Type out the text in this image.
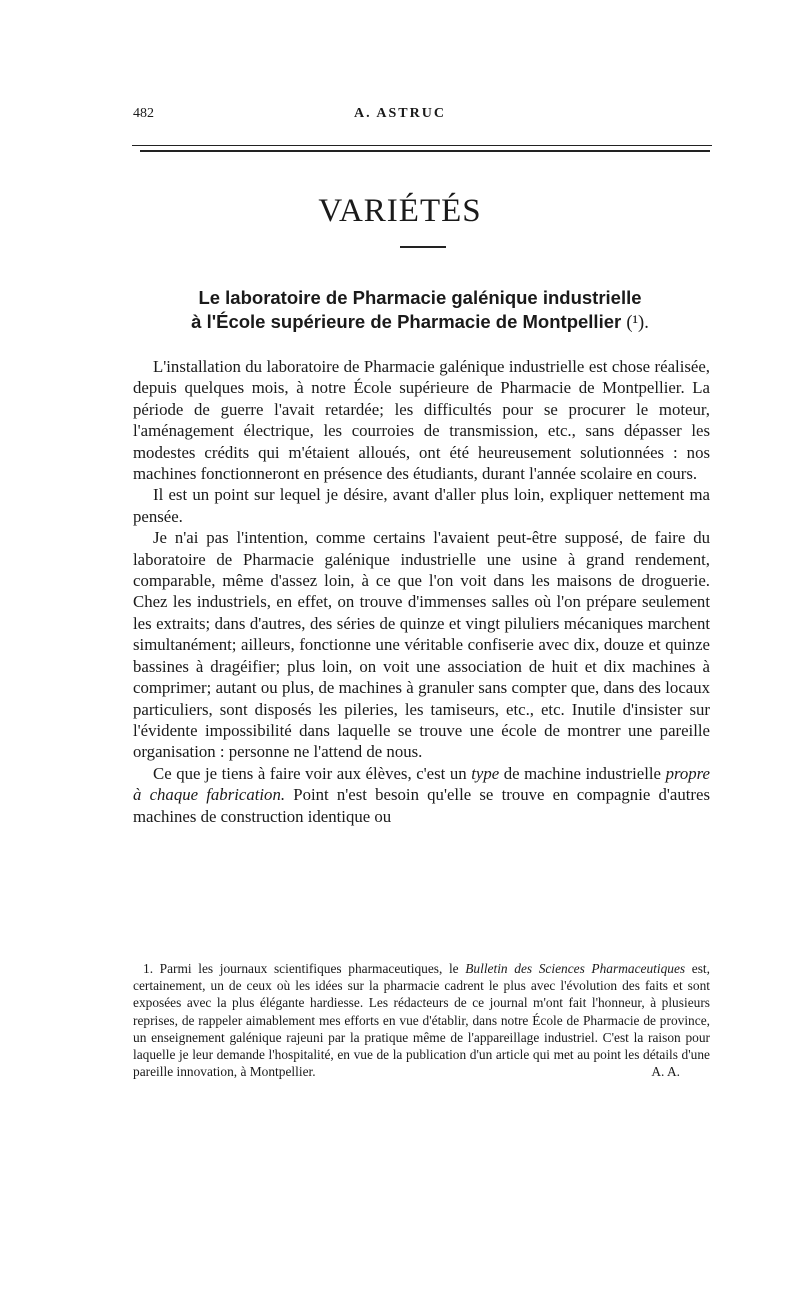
482	A. ASTRUC
VARIÉTÉS
Le laboratoire de Pharmacie galénique industrielle
à l'École supérieure de Pharmacie de Montpellier (¹).

L'installation du laboratoire de Pharmacie galénique industrielle est chose réalisée, depuis quelques mois, à notre École supérieure de Pharmacie de Montpellier. La période de guerre l'avait retardée; les difficultés pour se procurer le moteur, l'aménagement électrique, les courroies de transmission, etc., sans dépasser les modestes crédits qui m'étaient alloués, ont été heureusement solutionnées : nos machines fonctionneront en présence des étudiants, durant l'année scolaire en cours.

Il est un point sur lequel je désire, avant d'aller plus loin, expliquer nettement ma pensée.

Je n'ai pas l'intention, comme certains l'avaient peut-être supposé, de faire du laboratoire de Pharmacie galénique industrielle une usine à grand rendement, comparable, même d'assez loin, à ce que l'on voit dans les maisons de droguerie. Chez les industriels, en effet, on trouve d'immenses salles où l'on prépare seulement les extraits; dans d'autres, des séries de quinze et vingt piluliers mécaniques marchent simultanément; ailleurs, fonctionne une véritable confiserie avec dix, douze et quinze bassines à dragéifier; plus loin, on voit une association de huit et dix machines à comprimer; autant ou plus, de machines à granuler sans compter que, dans des locaux particuliers, sont disposés les pileries, les tamiseurs, etc., etc. Inutile d'insister sur l'évidente impossibilité dans laquelle se trouve une école de montrer une pareille organisation : personne ne l'attend de nous.

Ce que je tiens à faire voir aux élèves, c'est un type de machine industrielle propre à chaque fabrication. Point n'est besoin qu'elle se trouve en compagnie d'autres machines de construction identique ou

1. Parmi les journaux scientifiques pharmaceutiques, le Bulletin des Sciences Pharmaceutiques est, certainement, un de ceux où les idées sur la pharmacie cadrent le plus avec l'évolution des faits et sont exposées avec la plus élégante hardiesse. Les rédacteurs de ce journal m'ont fait l'honneur, à plusieurs reprises, de rappeler aimablement mes efforts en vue d'établir, dans notre École de Pharmacie de province, un enseignement galénique rajeuni par la pratique même de l'appareillage industriel. C'est la raison pour laquelle je leur demande l'hospitalité, en vue de la publication d'un article qui met au point les détails d'une pareille innovation, à Montpellier.	A. A.
